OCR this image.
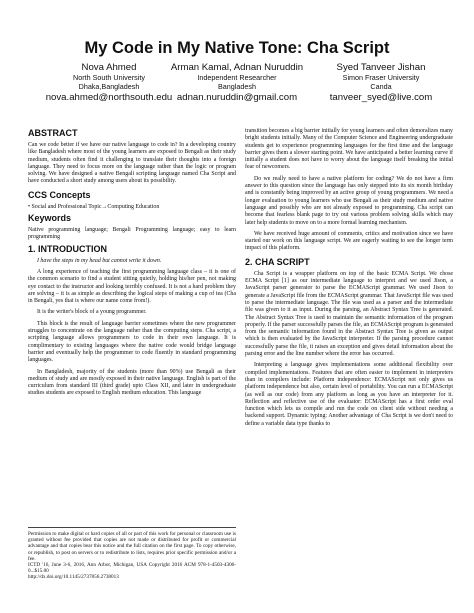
My Code in My Native Tone: Cha Script
Nova Ahmed
North South University
Dhaka,Bangladesh
nova.ahmed@northsouth.edu
Arman Kamal, Adnan Nuruddin
Independent Researcher
Bangladesh
adnan.nuruddin@gmail.com
Syed Tanveer Jishan
Simon Fraser University
Canda
tanveer_syed@live.com
ABSTRACT

Can we code better if we have our native language to code in? In a developing country like Bangladesh where most of the young learners are exposed to Bengali as their study medium, students often find it challenging to translate their thoughts into a foreign language. They need to focus more on the language rather than the logic or program solving. We have designed a native Bengali scripting language named Cha Script and have conducted a short study among users about its possibility.

CCS Concepts

• Social and Professional Topic→Computing Education

Keywords

Native programming language; Bengali Programming language; easy to learn programming

1. INTRODUCTION
I have the steps in my head but cannot write it down.

A long experience of teaching the first programming language class – it is one of the common scenario to find a student sitting quietly, holding his/her pen, not making eye contact to the instructor and looking terribly confused. It is not a hard problem they are solving – it is as simple as describing the logical steps of making a cup of tea (Cha in Bengali, yes that is where our name come from!).

It is the writer's block of a young programmer.

This block is the result of language barrier sometimes where the new programmer struggles to concentrate on the language rather than the computing steps. Cha script, a scripting language allows programmers to code in their own language. It is complimentary to existing languages where the native code would bridge language barrier and eventually help the programmer to code fluently in standard programming languages.

In Bangladesh, majority of the students (more than 90%) use Bengali as their medium of study and are mostly exposed in their native language. English is part of the curriculum from standard III (third grade) upto Class XII, and later in undergraduate studies students are exposed to English medium education. This language

Permission to make digital or hard copies of all or part of this work for personal or classroom use is granted without fee provided that copies are not made or distributed for profit or commercial advantage and that copies bear this notice and the full citation on the first page. To copy otherwise, or republish, to post on servers or to redistribute to lists, requires prior specific permission and/or a fee.

ICTD '16, June 3-6, 2016, Ann Arbor, Michigan, USA Copyright 2016 ACM 978-1-4503-4306-0...$15.00

http://dx.doi.org/10.1145/2737856.2738013

transition becomes a big barrier initially for young learners and often demoralizes many bright students initially. Many of the Computer Science and Engineering undergraduate students get to experience programming languages for the first time and the language barrier gives them a slower starting point. We have anticipated a better learning curve if initially a student does not have to worry about the language itself breaking the initial fear of newcomers.

Do we really need to have a native platform for coding? We do not have a firm answer to this question since the language has only stepped into its six month birthday and is constantly being improved by an active group of young programmers. We need a longer evaluation to young learners who use Bengali as their study medium and native language and possibly who are not already exposed to programming. Cha script can become that fearless blank page to try out various problem solving skills which may later help students to move on to a more formal learning mechanism.

We have received huge amount of comments, critics and motivation since we have started our work on this language script. We are eagerly waiting to see the longer term impact of this platform.

2. CHA SCRIPT

Cha Script is a wrapper platform on top of the basic ECMA Script. We chose ECMA Script [1] as our intermediate language to interpret and we used Jison, a JavaScript parser generator to parse the ECMAScript grammar. We used Jison to generate a JavaScript file from the ECMAScript grammar. That JavaScript file was used to parse the intermediate language. The file was used as a parser and the intermediate file was given to it as input. During the parsing, an Abstract Syntax Tree is generated. The Abstract Syntax Tree is used to maintain the semantic information of the program properly. If the parser successfully parses the file, an ECMAScript program is generated from the semantic information found in the Abstract Syntax Tree is given as output which is then evaluated by the JavaScript interpreter. If the parsing procedure cannot successfully parse the file, it raises an exception and gives detail information about the parsing error and the line number where the error has occurred.

Interpreting a language gives implementations some additional flexibility over compiled implementations. Features that are often easier to implement in interpreters than in compilers include: Platform independence: ECMAScript not only gives us platform independence but also, certain level of portability. You can run a ECMAScript (as well as our code) from any platform as long as you have an interpreter for it. Reflection and reflective use of the evaluator: ECMAScript has a first order eval function which lets us compile and run the code on client side without needing a backend support. Dynamic typing: Another advantage of Cha Script is we don't need to define a variable data type thanks to
